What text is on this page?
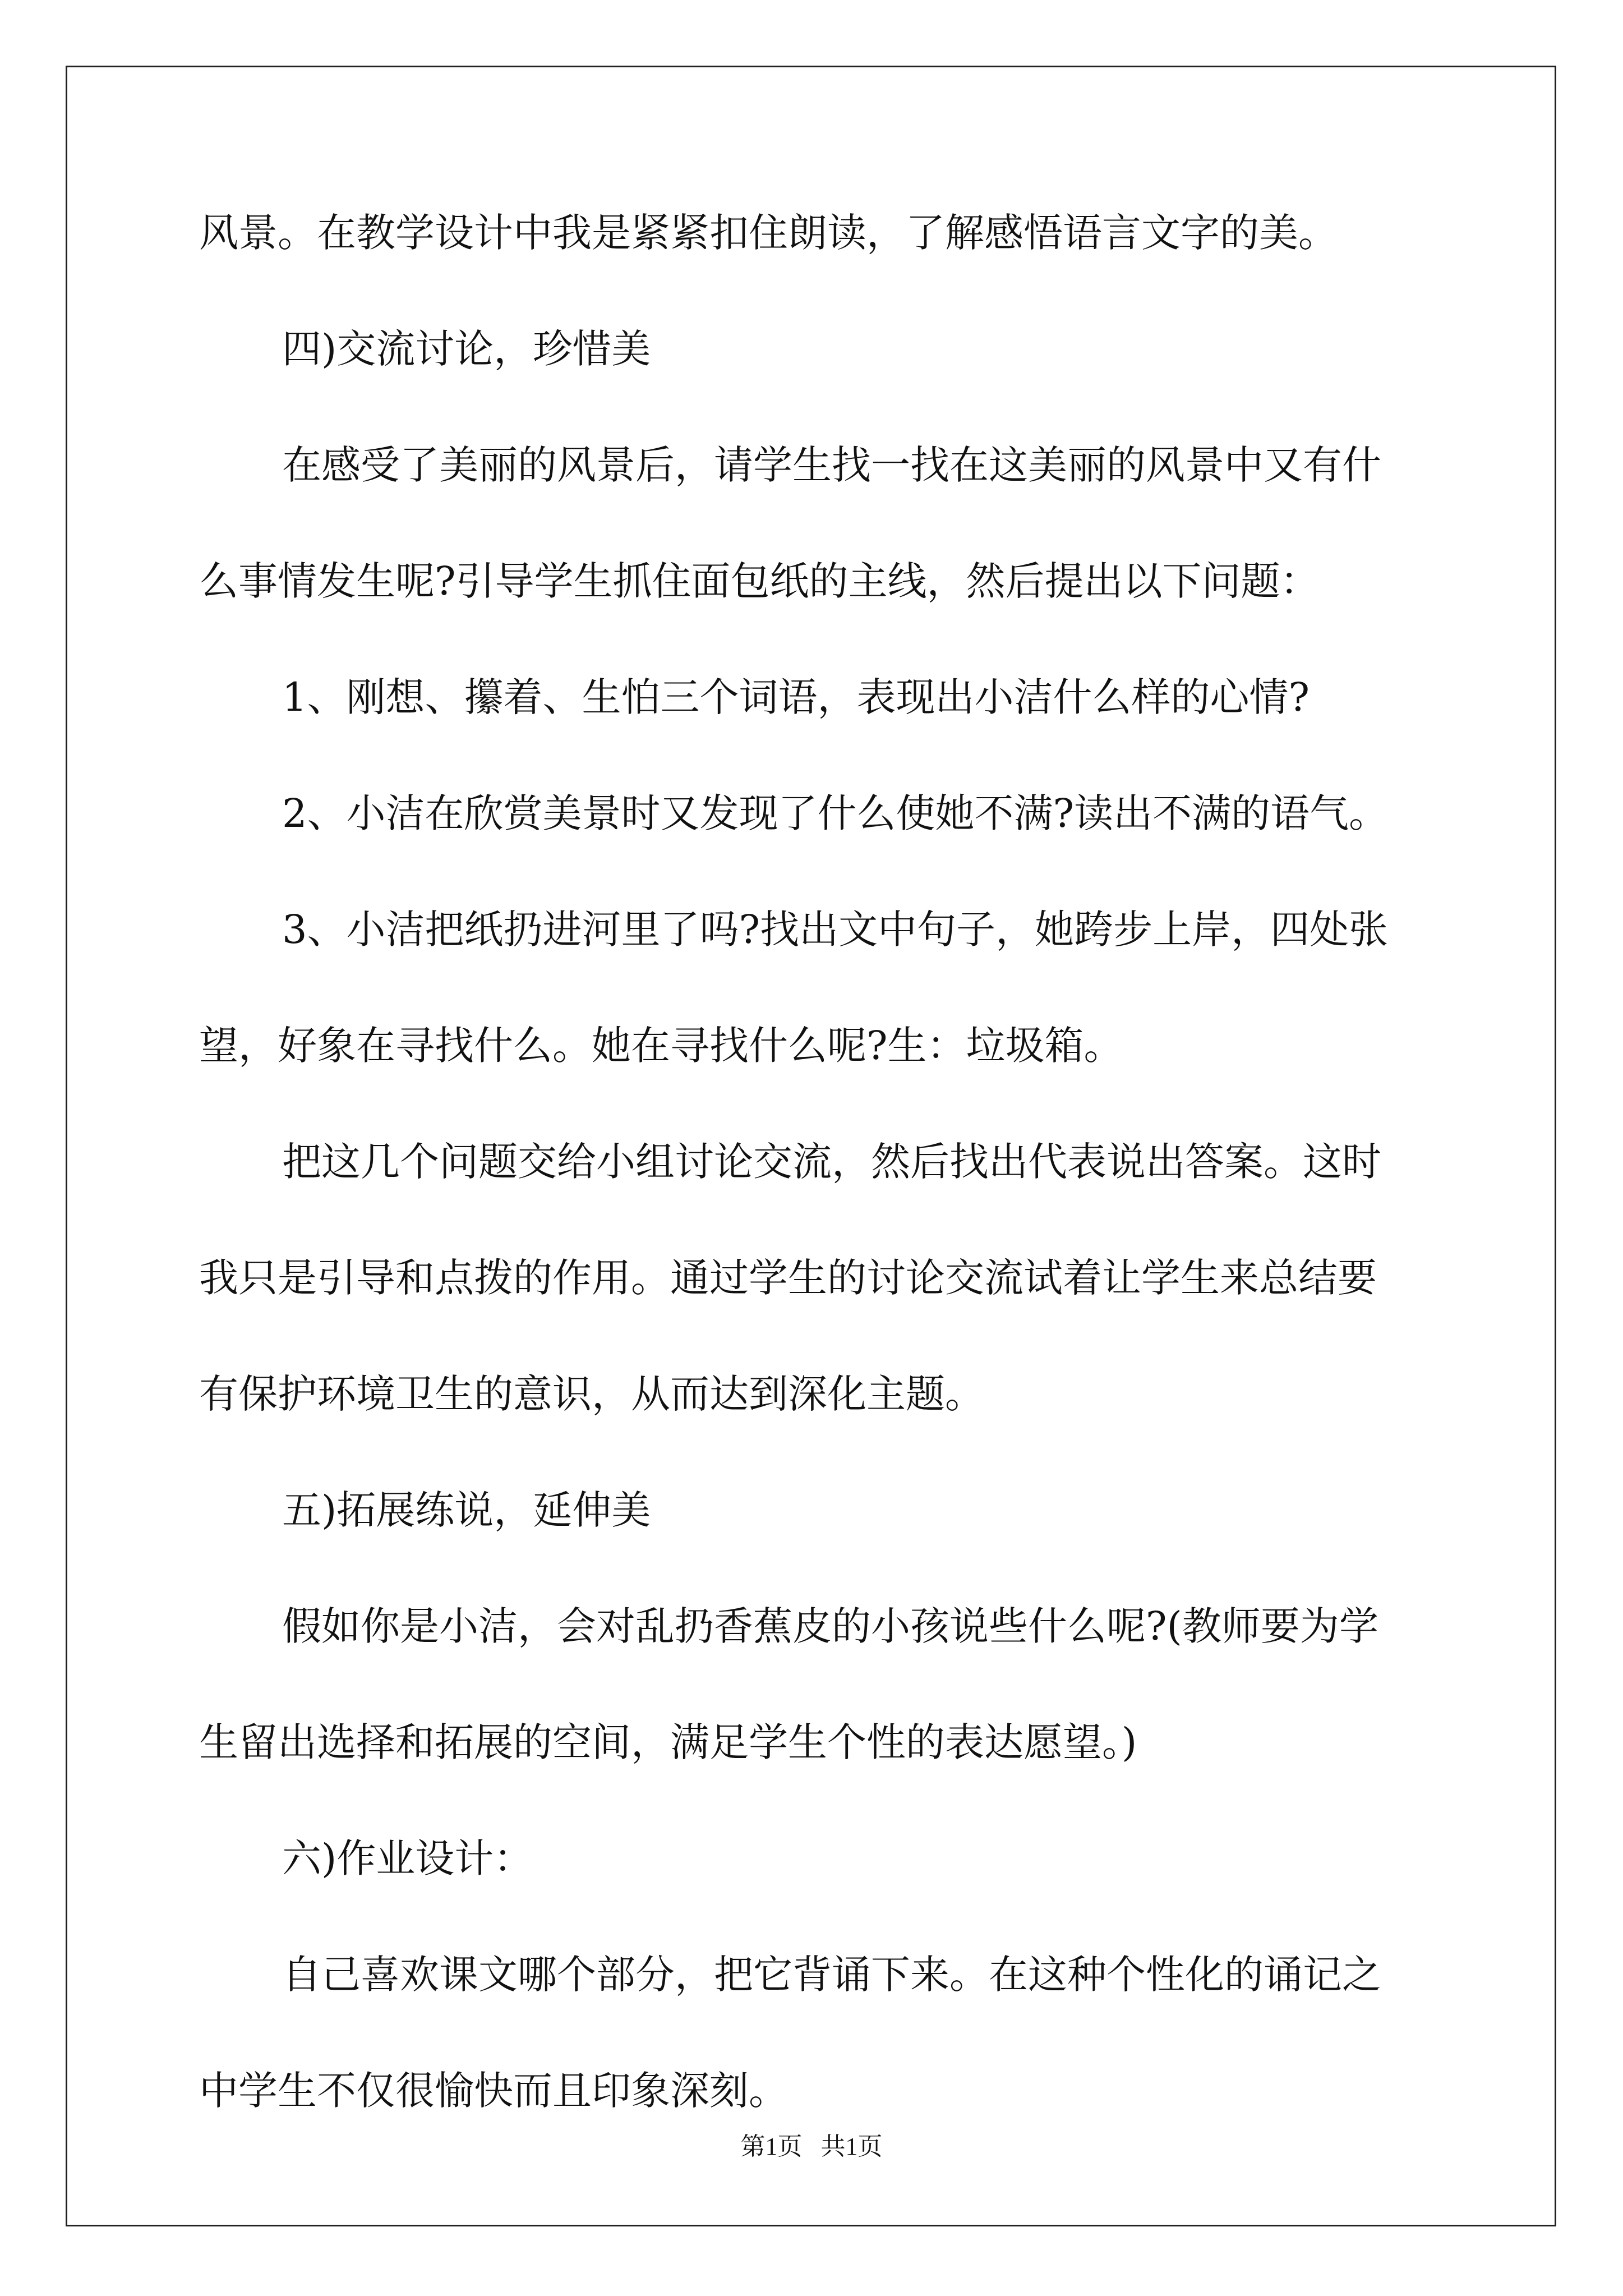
风景。在教学设计中我是紧紧扣住朗读，了解感悟语言文字的美。
四)交流讨论，珍惜美
在感受了美丽的风景后，请学生找一找在这美丽的风景中又有什
么事情发生呢?引导学生抓住面包纸的主线，然后提出以下问题：
1、刚想、攥着、生怕三个词语，表现出小洁什么样的心情?
2、小洁在欣赏美景时又发现了什么使她不满?读出不满的语气。
3、小洁把纸扔进河里了吗?找出文中句子，她跨步上岸，四处张
望，好象在寻找什么。她在寻找什么呢?生：垃圾箱。
把这几个问题交给小组讨论交流，然后找出代表说出答案。这时
我只是引导和点拨的作用。通过学生的讨论交流试着让学生来总结要
有保护环境卫生的意识，从而达到深化主题。
五)拓展练说，延伸美
假如你是小洁，会对乱扔香蕉皮的小孩说些什么呢?(教师要为学
生留出选择和拓展的空间，满足学生个性的表达愿望。)
六)作业设计：
自己喜欢课文哪个部分，把它背诵下来。在这种个性化的诵记之
中学生不仅很愉快而且印象深刻。
第1页   共1页
